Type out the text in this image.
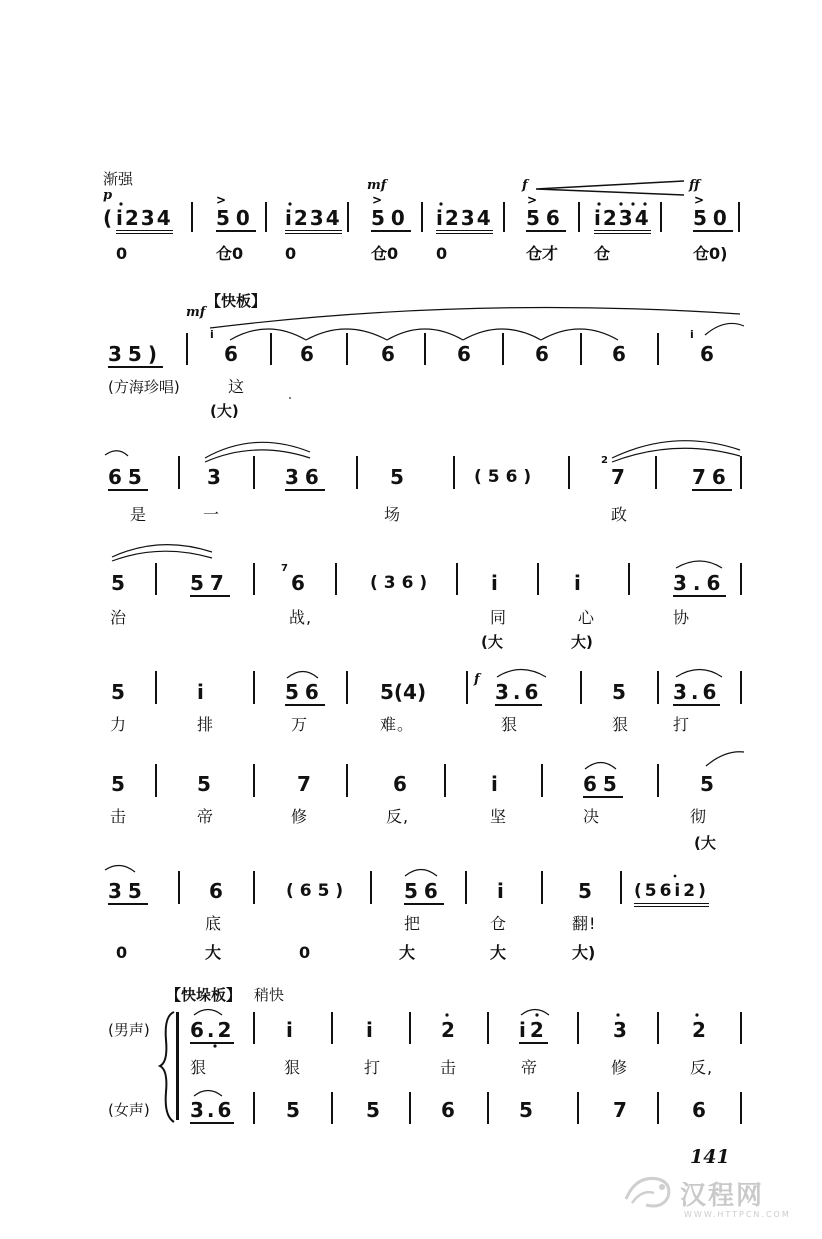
渐强
p
mf	f	ff
( i234 50 i234 50 i234 56 i234 50
0	仓0	0	仓0 0	仓才 仓	仓0)
mf
【快板】
35)
i
6	6	6	6	6	6
i
6
(方海珍唱)	这
(大)
65	3	36	5	(56)
2
7	76
是	一	场	政
5	57
7
6	(36)	i	i	3.6
治	战,	同	心	协
(大	大)
5	i	56	5(4)
f
3.6	5 3.6
力	排	万	难。	狠	狠	打
5	5	7	6	i	65	5
击	帝	修	反,	坚	决	彻
(大
35	6	(65)	56	i	5 (56i2)
底	把	仓	翻!
0	大	0	大	大	大)
【快垛板】 稍快
(男声)
(女声)
6.2	i	i	2	i2	3	2
狠	狠	打	击	帝	修	反,
3.6	5	5	6	5	7	6
>	>	>	>
141
汉程网
WWW.HTTPCN.COM
